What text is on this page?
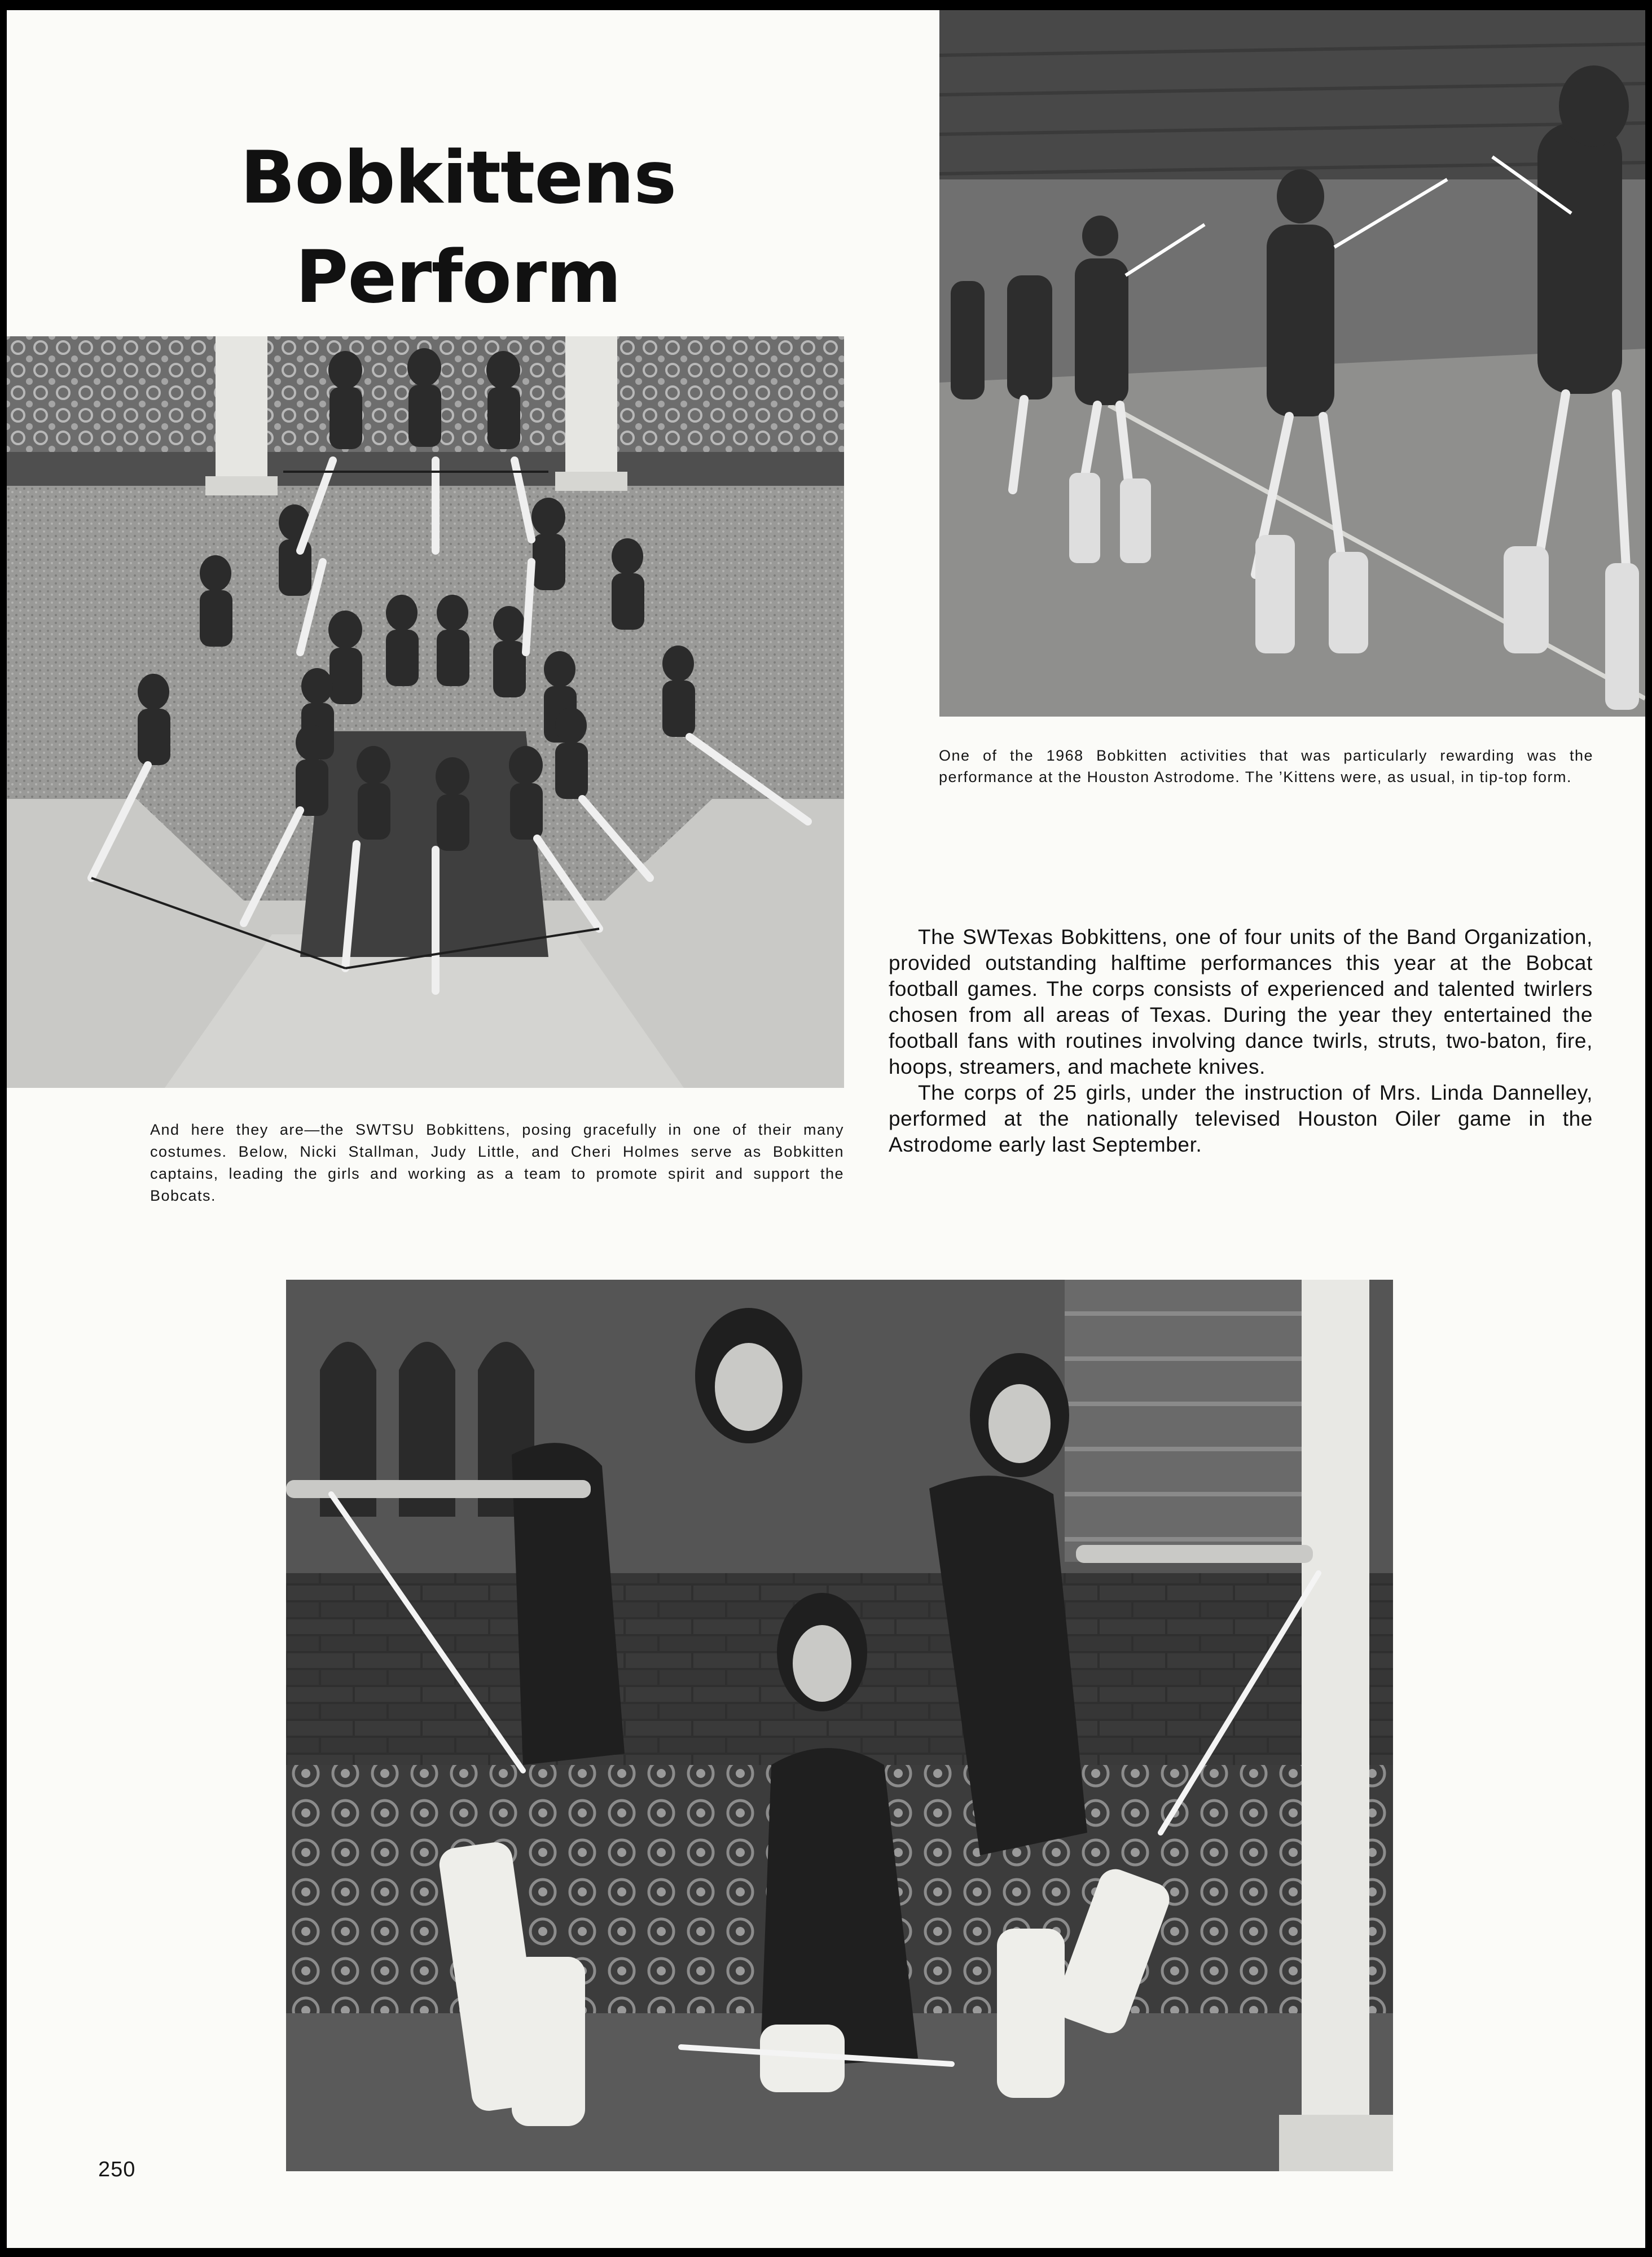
Bobkittens Perform

And here they are—the SWTSU Bobkittens, posing gracefully in one of their many costumes. Below, Nicki Stallman, Judy Little, and Cheri Holmes serve as Bobkitten captains, leading the girls and working as a team to promote spirit and support the Bobcats.

One of the 1968 Bobkitten activities that was particularly rewarding was the performance at the Houston Astrodome. The ’Kittens were, as usual, in tip-top form.

The SWTexas Bobkittens, one of four units of the Band Organization, provided outstanding halftime performances this year at the Bobcat football games. The corps consists of experienced and talented twirlers chosen from all areas of Texas. During the year they entertained the football fans with routines involving dance twirls, struts, two-baton, fire, hoops, streamers, and machete knives.

The corps of 25 girls, under the instruction of Mrs. Linda Dannelley, performed at the nationally televised Houston Oiler game in the Astrodome early last September.

250
